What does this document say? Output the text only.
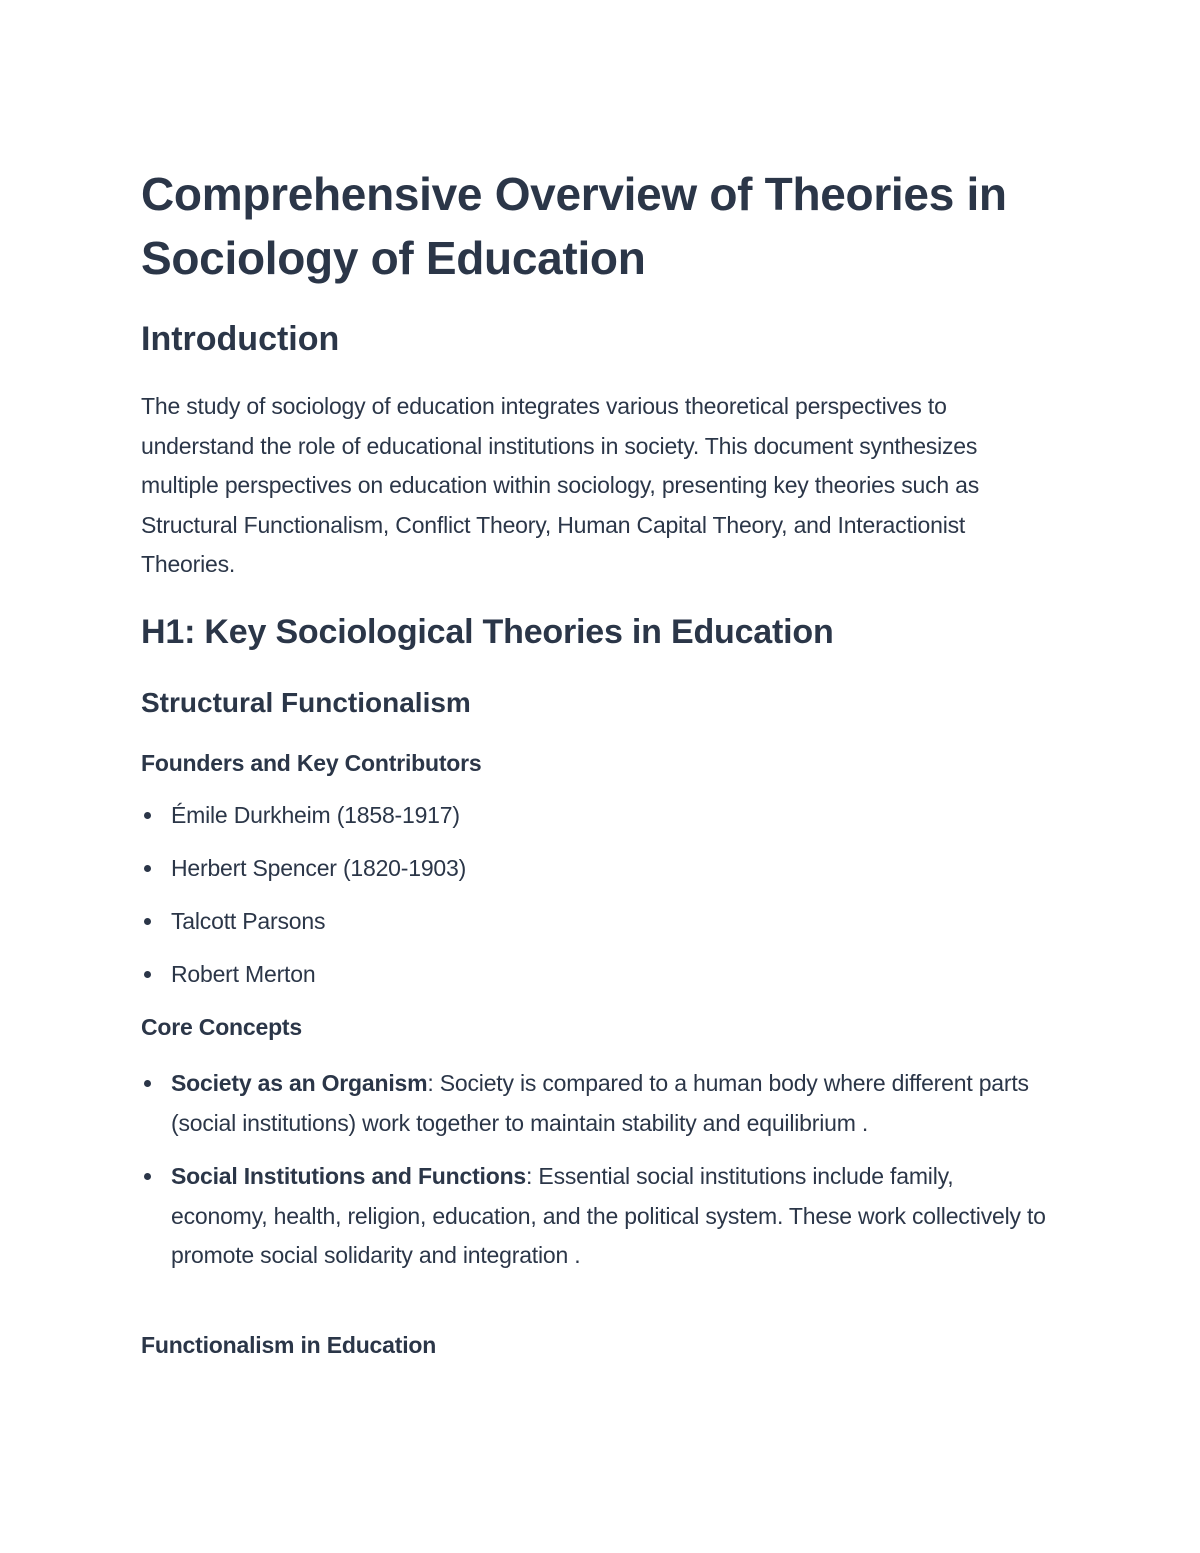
Comprehensive Overview of Theories in Sociology of Education
Introduction

The study of sociology of education integrates various theoretical perspectives to understand the role of educational institutions in society. This document synthesizes multiple perspectives on education within sociology, presenting key theories such as Structural Functionalism, Conflict Theory, Human Capital Theory, and Interactionist Theories.

H1: Key Sociological Theories in Education
Structural Functionalism
Founders and Key Contributors
Émile Durkheim (1858-1917)
Herbert Spencer (1820-1903)
Talcott Parsons
Robert Merton
Core Concepts
Society as an Organism: Society is compared to a human body where different parts (social institutions) work together to maintain stability and equilibrium .
Social Institutions and Functions: Essential social institutions include family, economy, health, religion, education, and the political system. These work collectively to promote social solidarity and integration .
Functionalism in Education
